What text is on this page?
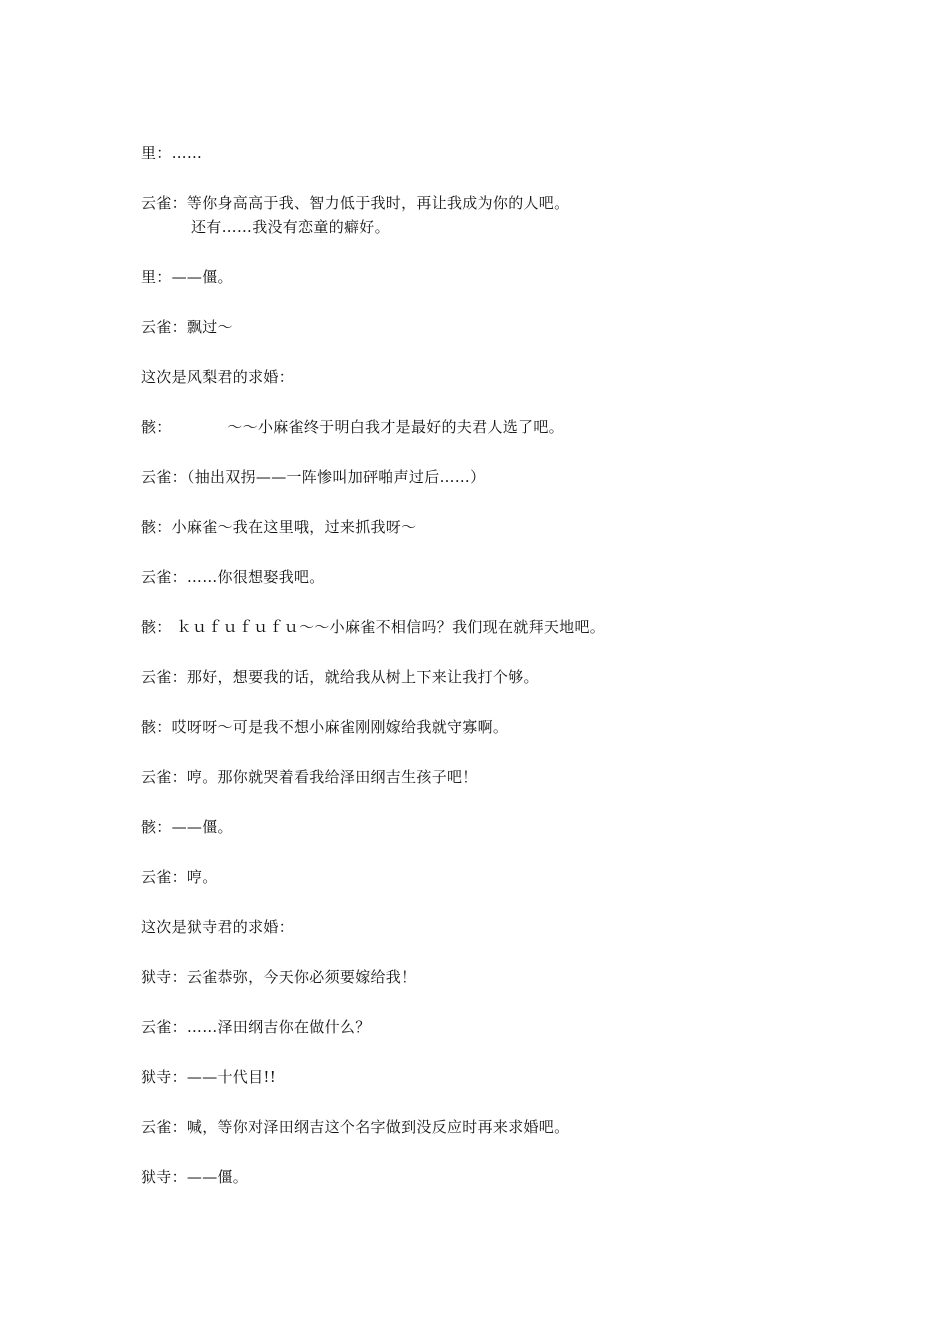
里：……
云雀：等你身高高于我、智力低于我时，再让我成为你的人吧。
还有……我没有恋童的癖好。
里：——僵。
云雀：飘过～
这次是风梨君的求婚：
骸：           ～～小麻雀终于明白我才是最好的夫君人选了吧。
云雀：（抽出双拐——一阵惨叫加砰啪声过后……）
骸：小麻雀～我在这里哦，过来抓我呀～
云雀：……你很想娶我吧。
骸： ｋｕｆｕｆｕｆｕ～～小麻雀不相信吗？我们现在就拜天地吧。
云雀：那好，想要我的话，就给我从树上下来让我打个够。
骸：哎呀呀～可是我不想小麻雀刚刚嫁给我就守寡啊。
云雀：哼。那你就哭着看我给泽田纲吉生孩子吧！
骸：——僵。
云雀：哼。
这次是狱寺君的求婚：
狱寺：云雀恭弥，今天你必须要嫁给我！
云雀：……泽田纲吉你在做什么？
狱寺：——十代目!!
云雀：喊，等你对泽田纲吉这个名字做到没反应时再来求婚吧。
狱寺：——僵。
